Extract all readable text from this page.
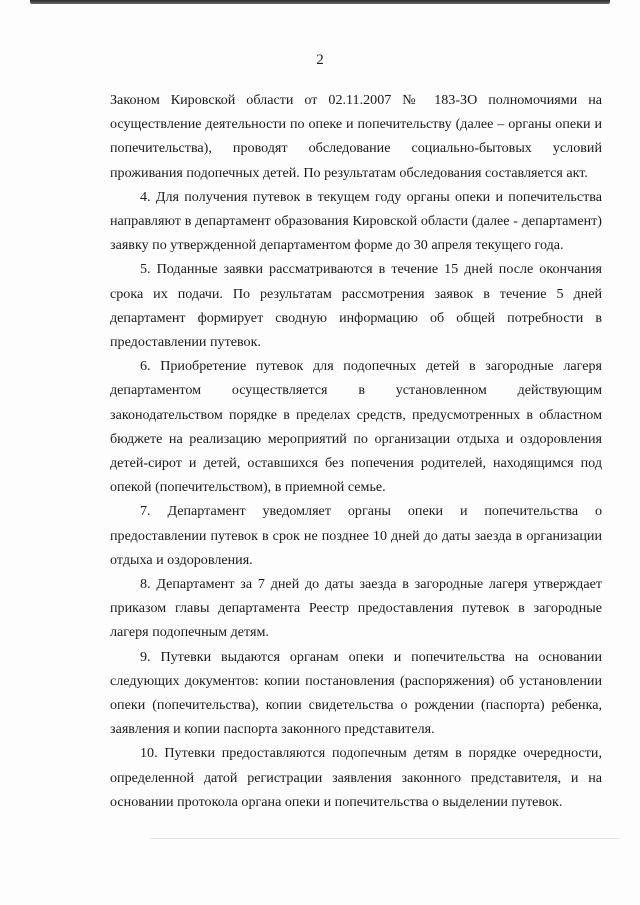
2

Законом Кировской области от 02.11.2007 № 183-ЗО полномочиями на осуществление деятельности по опеке и попечительству (далее – органы опеки и попечительства), проводят обследование социально-бытовых условий проживания подопечных детей. По результатам обследования составляется акт.

4. Для получения путевок в текущем году органы опеки и попечительства направляют в департамент образования Кировской области (далее - департамент) заявку по утвержденной департаментом форме до 30 апреля текущего года.

5. Поданные заявки рассматриваются в течение 15 дней после окончания срока их подачи. По результатам рассмотрения заявок в течение 5 дней департамент формирует сводную информацию об общей потребности в предоставлении путевок.

6. Приобретение путевок для подопечных детей в загородные лагеря департаментом осуществляется в установленном действующим законодательством порядке в пределах средств, предусмотренных в областном бюджете на реализацию мероприятий по организации отдыха и оздоровления детей-сирот и детей, оставшихся без попечения родителей, находящимся под опекой (попечительством), в приемной семье.

7. Департамент уведомляет органы опеки и попечительства о предоставлении путевок в срок не позднее 10 дней до даты заезда в организации отдыха и оздоровления.

8. Департамент за 7 дней до даты заезда в загородные лагеря утверждает приказом главы департамента Реестр предоставления путевок в загородные лагеря подопечным детям.

9. Путевки выдаются органам опеки и попечительства на основании следующих документов: копии постановления (распоряжения) об установлении опеки (попечительства), копии свидетельства о рождении (паспорта) ребенка, заявления и копии паспорта законного представителя.

10. Путевки предоставляются подопечным детям в порядке очередности, определенной датой регистрации заявления законного представителя, и на основании протокола органа опеки и попечительства о выделении путевок.
